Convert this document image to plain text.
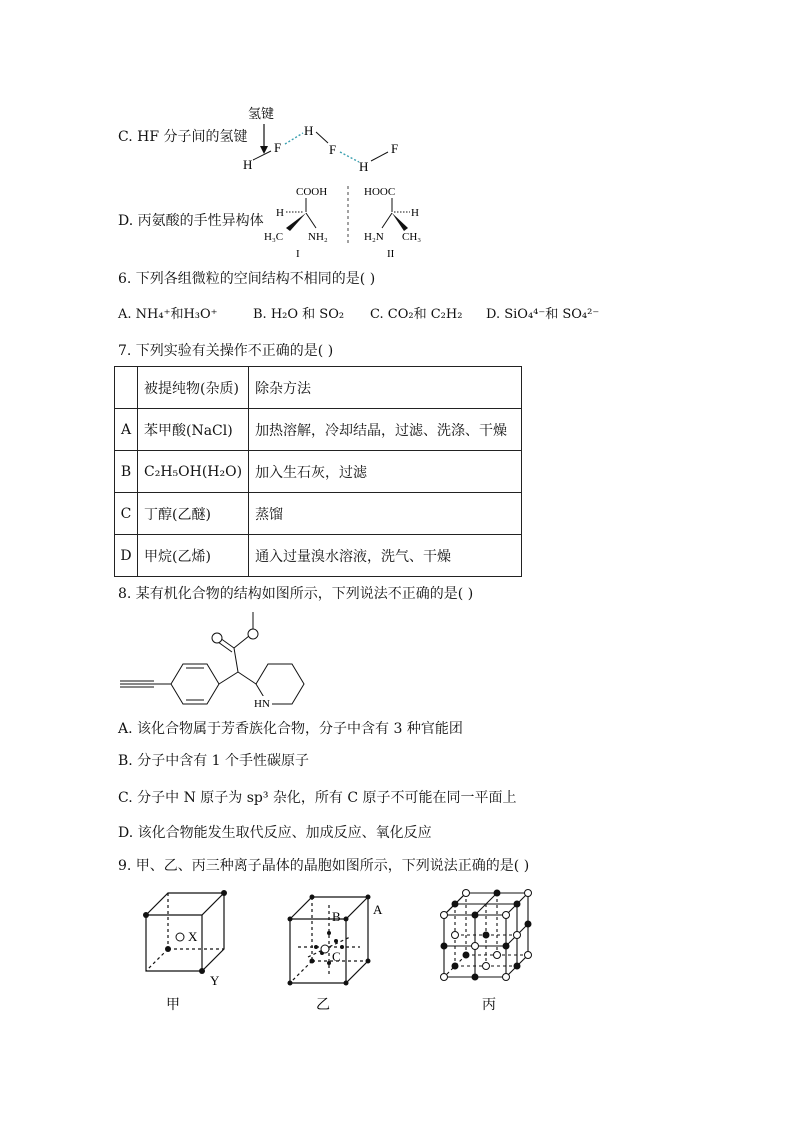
C. HF 分子间的氢键
氢键
H
F
H
F
H
F
D. 丙氨酸的手性异构体
COOH
H
H₃C NH₂
I
HOOC
H
H₂N CH₃
II
6. 下列各组微粒的空间结构不相同的是( )
A. NH₄⁺和H₃O⁺	B. H₂O 和 SO₂ C. CO₂和 C₂H₂ D. SiO₄⁴⁻和 SO₄²⁻
7. 下列实验有关操作不正确的是( )
	被提纯物(杂质)	除杂方法
A	苯甲酸(NaCl)	加热溶解，冷却结晶，过滤、洗涤、干燥
B	C₂H₅OH(H₂O)	加入生石灰，过滤
C	丁醇(乙醚)	蒸馏
D	甲烷(乙烯)	通入过量溴水溶液，洗气、干燥
8. 某有机化合物的结构如图所示，下列说法不正确的是( )
HN
A. 该化合物属于芳香族化合物，分子中含有 3 种官能团
B. 分子中含有 1 个手性碳原子
C. 分子中 N 原子为 sp³ 杂化，所有 C 原子不可能在同一平面上
D. 该化合物能发生取代反应、加成反应、氧化反应
9. 甲、乙、丙三种离子晶体的晶胞如图所示，下列说法正确的是( )
X
Y
甲
B A
C
乙	丙
